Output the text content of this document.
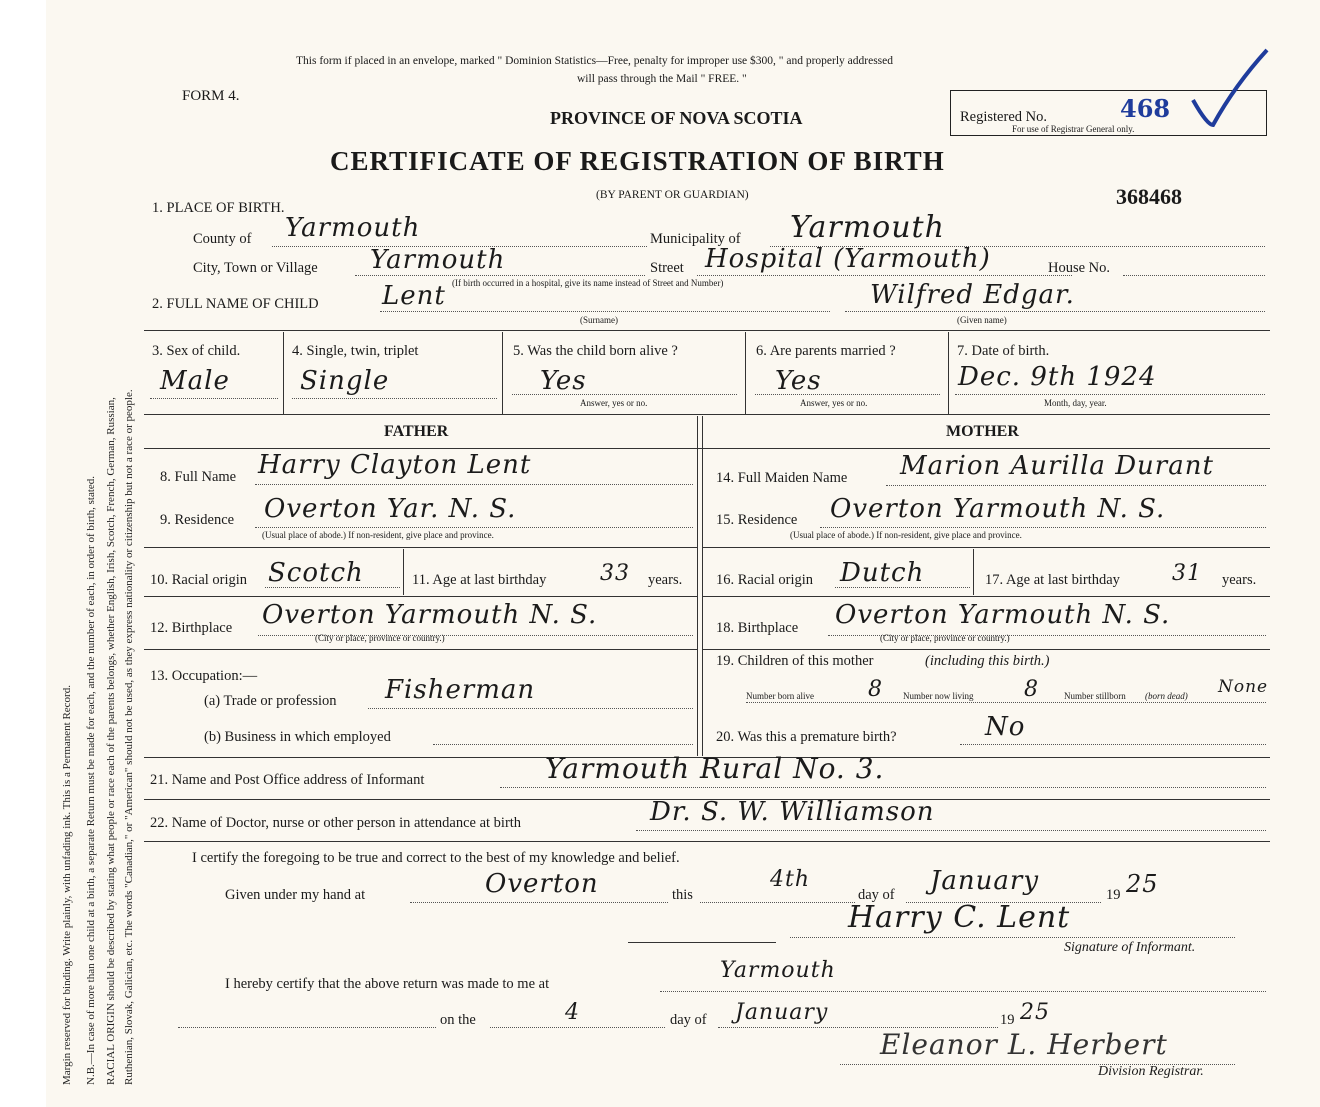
Margin reserved for binding. Write plainly, with unfading ink. This is a Permanent Record. N.B.—In case of more than one child at a birth, a separate Return must be made for each, and the number of each, in order of birth, stated. RACIAL ORIGIN should be described by stating what people or race each of the parents belongs, whether English, Irish, Scotch, French, German, Russian, Ruthenian, Slovak, Galician, etc. The words "Canadian," or "American" should not be used, as they express nationality or citizenship but not a race or people.
This form if placed in an envelope, marked " Dominion Statistics—Free, penalty for improper use $300, " and properly addressed
will pass through the Mail " FREE. "
FORM 4.
PROVINCE OF NOVA SCOTIA
CERTIFICATE OF REGISTRATION OF BIRTH
(BY PARENT OR GUARDIAN)
Registered No.	468
For use of Registrar General only.
368468
1. PLACE OF BIRTH.
County of Yarmouth	Municipality of Yarmouth
City, Town or Village Yarmouth	Street Hospital (Yarmouth)	House No.
(If birth occurred in a hospital, give its name instead of Street and Number)
2. FULL NAME OF CHILD Lent	Wilfred Edgar.
(Surname)	(Given name)
3. Sex of child.
Male
4. Single, twin, triplet
Single
5. Was the child born alive ?
Yes
Answer, yes or no.
6. Are parents married ?
Yes
Answer, yes or no.
7. Date of birth.
Dec. 9th 1924
Month, day, year.
FATHER	MOTHER
8. Full Name Harry Clayton Lent
9. Residence Overton Yar. N. S.
(Usual place of abode.) If non-resident, give place and province.
10. Racial origin Scotch	11. Age at last birthday 33 years.
12. Birthplace Overton Yarmouth N. S.
(City or place, province or country.)
13. Occupation:—
(a) Trade or profession Fisherman
(b) Business in which employed
14. Full Maiden Name Marion Aurilla Durant
15. Residence Overton Yarmouth N. S.
(Usual place of abode.) If non-resident, give place and province.
16. Racial origin Dutch	17. Age at last birthday 31 years.
18. Birthplace Overton Yarmouth N. S.
(City or place, province or country.)
19. Children of this mother	(including this birth.)
Number born alive 8 Number now living 8	Number stillborn (born dead) None
20. Was this a premature birth?	No
21. Name and Post Office address of Informant	Yarmouth Rural No. 3.
22. Name of Doctor, nurse or other person in attendance at birth	Dr. S. W. Williamson
I certify the foregoing to be true and correct to the best of my knowledge and belief.
Given under my hand at	Overton	this
4th
day of January	19 25
Harry C. Lent
Signature of Informant.
I hereby certify that the above return was made to me at
Yarmouth
on the	4	day of January	19 25
Eleanor L. Herbert
Division Registrar.
